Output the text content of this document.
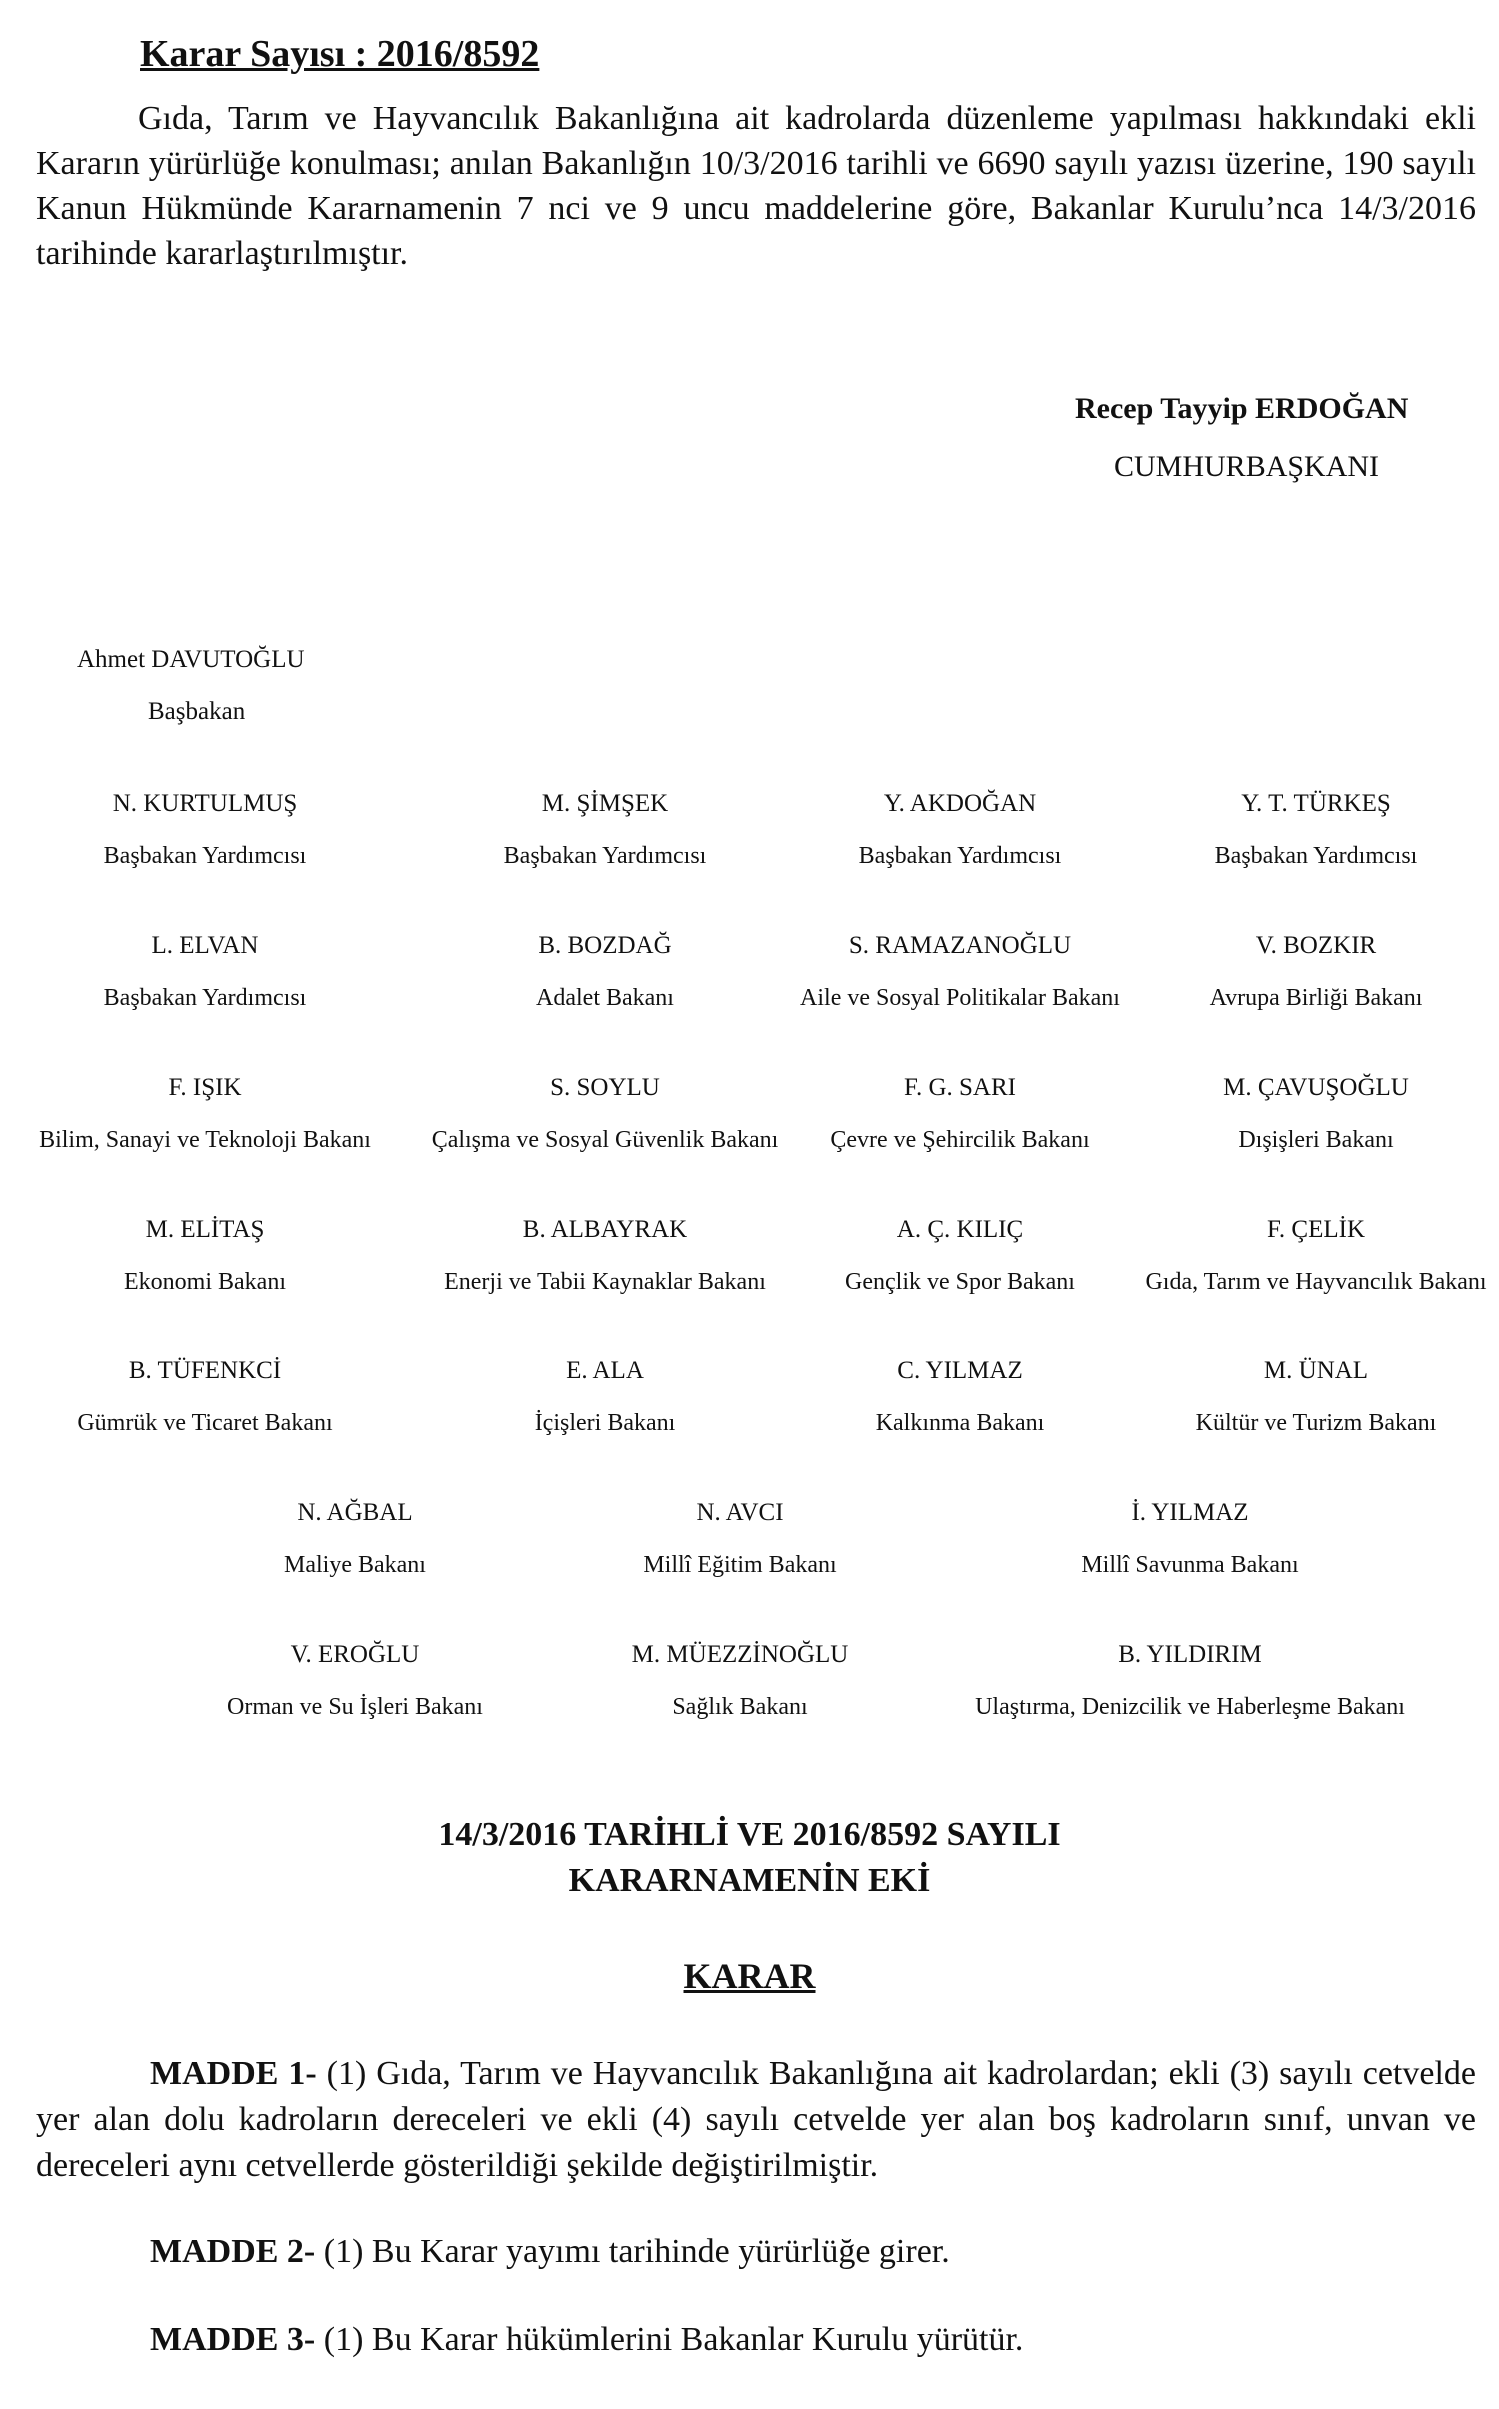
Karar Sayısı : 2016/8592
Gıda, Tarım ve Hayvancılık Bakanlığına ait kadrolarda düzenleme yapılması hakkındaki ekli Kararın yürürlüğe konulması; anılan Bakanlığın 10/3/2016 tarihli ve 6690 sayılı yazısı üzerine, 190 sayılı Kanun Hükmünde Kararnamenin 7 nci ve 9 uncu maddelerine göre, Bakanlar Kurulu’nca 14/3/2016 tarihinde kararlaştırılmıştır.
Recep Tayyip ERDOĞAN
CUMHURBAŞKANI
Ahmet DAVUTOĞLU
Başbakan
N. KURTULMUŞ
Başbakan Yardımcısı
M. ŞİMŞEK
Başbakan Yardımcısı
Y. AKDOĞAN
Başbakan Yardımcısı
Y. T. TÜRKEŞ
Başbakan Yardımcısı
L. ELVAN
Başbakan Yardımcısı
B. BOZDAĞ
Adalet Bakanı
S. RAMAZANOĞLU
Aile ve Sosyal Politikalar Bakanı
V. BOZKIR
Avrupa Birliği Bakanı
F. IŞIK
Bilim, Sanayi ve Teknoloji Bakanı
S. SOYLU
Çalışma ve Sosyal Güvenlik Bakanı
F. G. SARI
Çevre ve Şehircilik Bakanı
M. ÇAVUŞOĞLU
Dışişleri Bakanı
M. ELİTAŞ
Ekonomi Bakanı
B. ALBAYRAK
Enerji ve Tabii Kaynaklar Bakanı
A. Ç. KILIÇ
Gençlik ve Spor Bakanı
F. ÇELİK
Gıda, Tarım ve Hayvancılık Bakanı
B. TÜFENKCİ
Gümrük ve Ticaret Bakanı
E. ALA
İçişleri Bakanı
C. YILMAZ
Kalkınma Bakanı
M. ÜNAL
Kültür ve Turizm Bakanı
N. AĞBAL
Maliye Bakanı
N. AVCI
Millî Eğitim Bakanı
İ. YILMAZ
Millî Savunma Bakanı
V. EROĞLU
Orman ve Su İşleri Bakanı
M. MÜEZZİNOĞLU
Sağlık Bakanı
B. YILDIRIM
Ulaştırma, Denizcilik ve Haberleşme Bakanı
14/3/2016 TARİHLİ VE 2016/8592 SAYILI
KARARNAMENİN EKİ
KARAR
MADDE 1- (1) Gıda, Tarım ve Hayvancılık Bakanlığına ait kadrolardan; ekli (3) sayılı cetvelde yer alan dolu kadroların dereceleri ve ekli (4) sayılı cetvelde yer alan boş kadroların sınıf, unvan ve dereceleri aynı cetvellerde gösterildiği şekilde değiştirilmiştir.
MADDE 2- (1) Bu Karar yayımı tarihinde yürürlüğe girer.
MADDE 3- (1) Bu Karar hükümlerini Bakanlar Kurulu yürütür.
